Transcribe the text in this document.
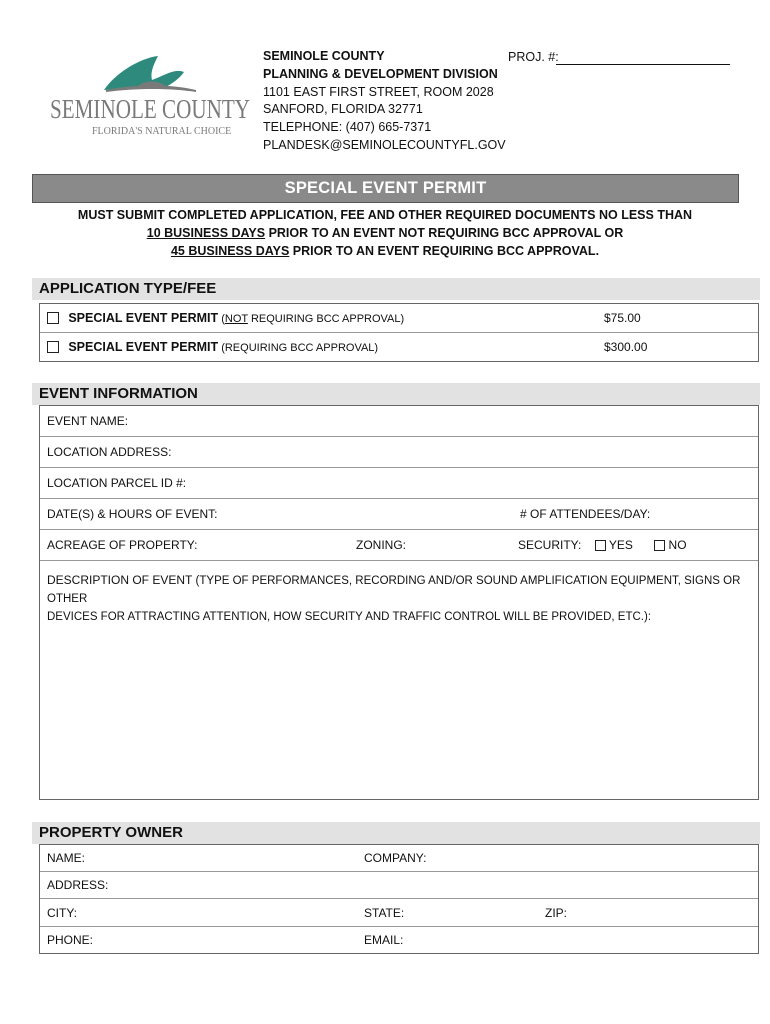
SEMINOLE COUNTY
FLORIDA'S NATURAL CHOICE
SEMINOLE COUNTY
PLANNING & DEVELOPMENT DIVISION
1101 EAST FIRST STREET, ROOM 2028
SANFORD, FLORIDA 32771
TELEPHONE: (407) 665-7371
PLANDESK@SEMINOLECOUNTYFL.GOV
PROJ. #:
SPECIAL EVENT PERMIT
MUST SUBMIT COMPLETED APPLICATION, FEE AND OTHER REQUIRED DOCUMENTS NO LESS THAN
10 BUSINESS DAYS PRIOR TO AN EVENT NOT REQUIRING BCC APPROVAL OR
45 BUSINESS DAYS PRIOR TO AN EVENT REQUIRING BCC APPROVAL.
APPLICATION TYPE/FEE
SPECIAL EVENT PERMIT (NOT REQUIRING BCC APPROVAL)	$75.00
SPECIAL EVENT PERMIT (REQUIRING BCC APPROVAL)	$300.00
EVENT INFORMATION
EVENT NAME:
LOCATION ADDRESS:
LOCATION PARCEL ID #:
DATE(S) & HOURS OF EVENT:	# OF ATTENDEES/DAY:
ACREAGE OF PROPERTY:	ZONING:	SECURITY: YES	NO
DESCRIPTION OF EVENT (TYPE OF PERFORMANCES, RECORDING AND/OR SOUND AMPLIFICATION EQUIPMENT, SIGNS OR OTHER
DEVICES FOR ATTRACTING ATTENTION, HOW SECURITY AND TRAFFIC CONTROL WILL BE PROVIDED, ETC.):
PROPERTY OWNER
NAME:	COMPANY:
ADDRESS:
CITY:	STATE:	ZIP:
PHONE:	EMAIL:
